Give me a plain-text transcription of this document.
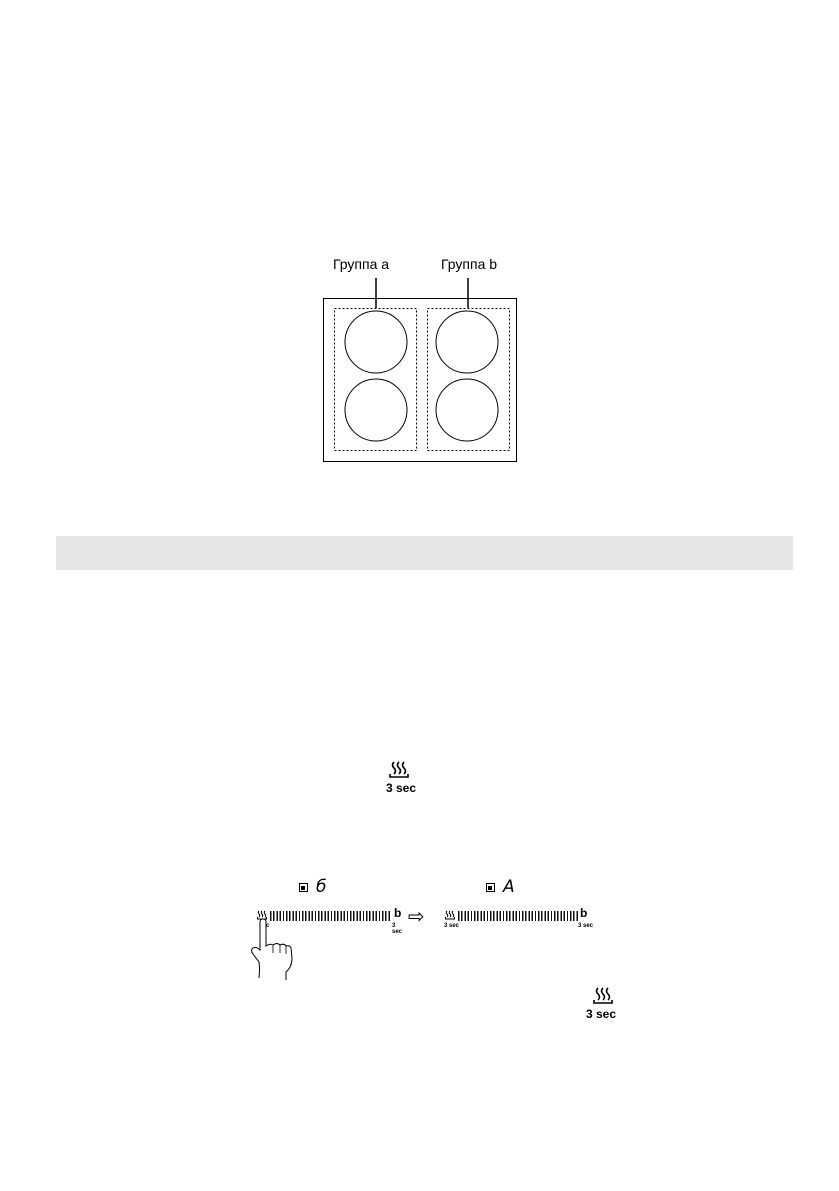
Группа a	Группа b
3 sec
б	A
c
b
3 sec
⇨	3 sec
b
3 sec
3 sec
